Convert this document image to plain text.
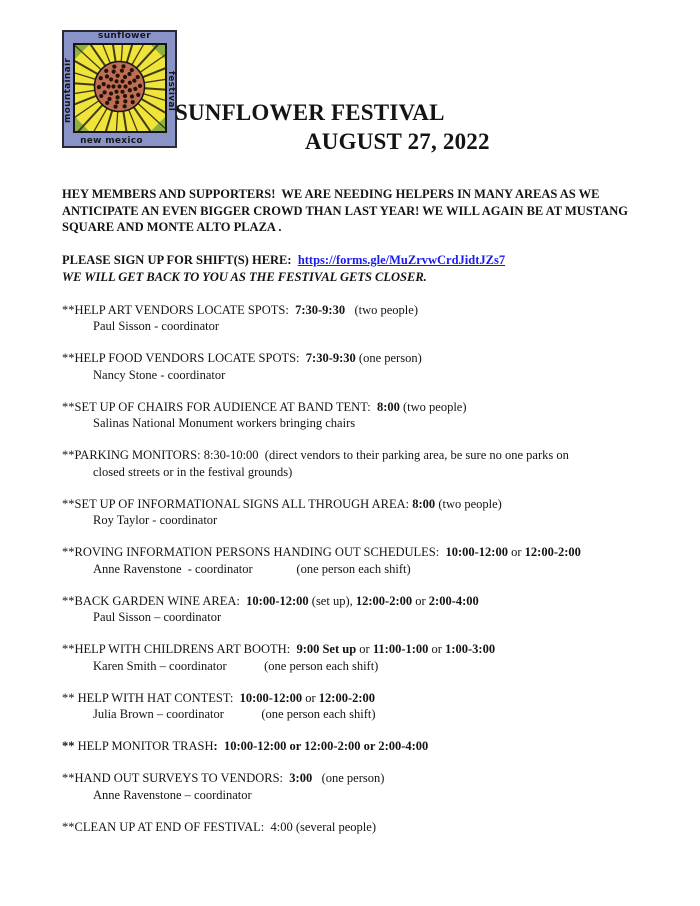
sunflower
festival
mountainair
new mexico
SUNFLOWER FESTIVAL
AUGUST 27, 2022
HEY MEMBERS AND SUPPORTERS!  WE ARE NEEDING HELPERS IN MANY AREAS AS WE
ANTICIPATE AN EVEN BIGGER CROWD THAN LAST YEAR! WE WILL AGAIN BE AT MUSTANG
SQUARE AND MONTE ALTO PLAZA .
PLEASE SIGN UP FOR SHIFT(S) HERE:  https://forms.gle/MuZrvwCrdJidtJZs7
WE WILL GET BACK TO YOU AS THE FESTIVAL GETS CLOSER.
**HELP ART VENDORS LOCATE SPOTS:  7:30-9:30   (two people)
Paul Sisson - coordinator
**HELP FOOD VENDORS LOCATE SPOTS:  7:30-9:30 (one person)
Nancy Stone - coordinator
**SET UP OF CHAIRS FOR AUDIENCE AT BAND TENT:  8:00 (two people)
Salinas National Monument workers bringing chairs
**PARKING MONITORS: 8:30-10:00  (direct vendors to their parking area, be sure no one parks on
closed streets or in the festival grounds)
**SET UP OF INFORMATIONAL SIGNS ALL THROUGH AREA: 8:00 (two people)
Roy Taylor - coordinator
**ROVING INFORMATION PERSONS HANDING OUT SCHEDULES:  10:00-12:00 or 12:00-2:00
Anne Ravenstone  - coordinator              (one person each shift)
**BACK GARDEN WINE AREA:  10:00-12:00 (set up), 12:00-2:00 or 2:00-4:00
Paul Sisson – coordinator
**HELP WITH CHILDRENS ART BOOTH:  9:00 Set up or 11:00-1:00 or 1:00-3:00
Karen Smith – coordinator            (one person each shift)
** HELP WITH HAT CONTEST:  10:00-12:00 or 12:00-2:00
Julia Brown – coordinator            (one person each shift)
** HELP MONITOR TRASH:  10:00-12:00 or 12:00-2:00 or 2:00-4:00
**HAND OUT SURVEYS TO VENDORS:  3:00   (one person)
Anne Ravenstone – coordinator
**CLEAN UP AT END OF FESTIVAL:  4:00 (several people)
